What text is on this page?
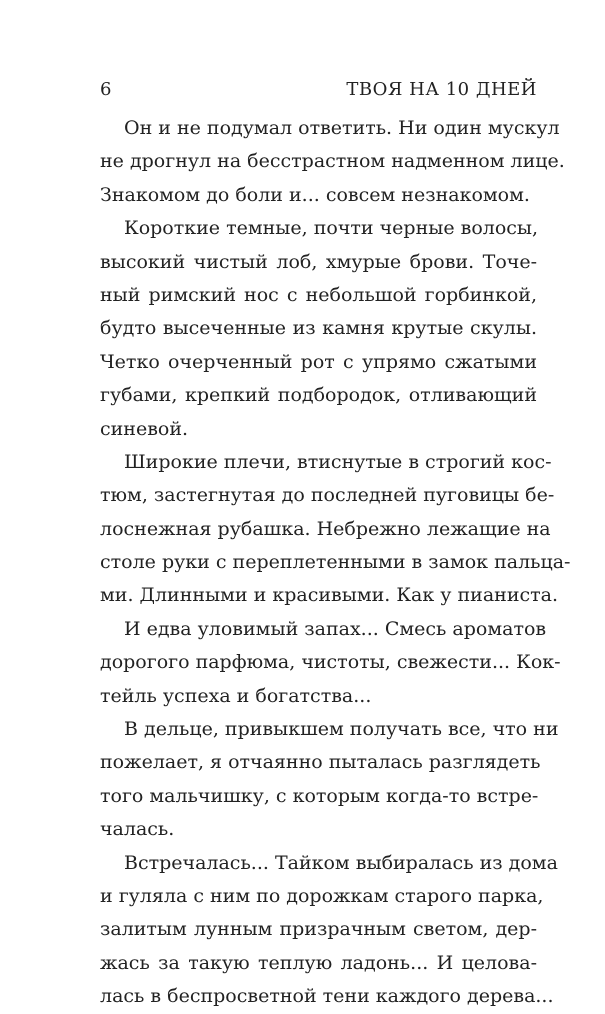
6	ТВОЯ НА 10 ДНЕЙ
Он и не подумал ответить. Ни один мускул
не дрогнул на бесстрастном надменном лице.
Знакомом до боли и... совсем незнакомом.
Короткие темные, почти черные волосы,
высокий чистый лоб, хмурые брови. Точе-
ный римский нос с небольшой горбинкой,
будто высеченные из камня крутые скулы.
Четко очерченный рот с упрямо сжатыми
губами, крепкий подбородок, отливающий
синевой.
Широкие плечи, втиснутые в строгий кос-
тюм, застегнутая до последней пуговицы бе-
лоснежная рубашка. Небрежно лежащие на
столе руки с переплетенными в замок пальца-
ми. Длинными и красивыми. Как у пианиста.
И едва уловимый запах... Смесь ароматов
дорогого парфюма, чистоты, свежести... Кок-
тейль успеха и богатства...
В дельце, привыкшем получать все, что ни
пожелает, я отчаянно пыталась разглядеть
того мальчишку, с которым когда-то встре-
чалась.
Встречалась... Тайком выбиралась из дома
и гуляла с ним по дорожкам старого парка,
залитым лунным призрачным светом, дер-
жась за такую теплую ладонь... И целова-
лась в беспросветной тени каждого дерева...
